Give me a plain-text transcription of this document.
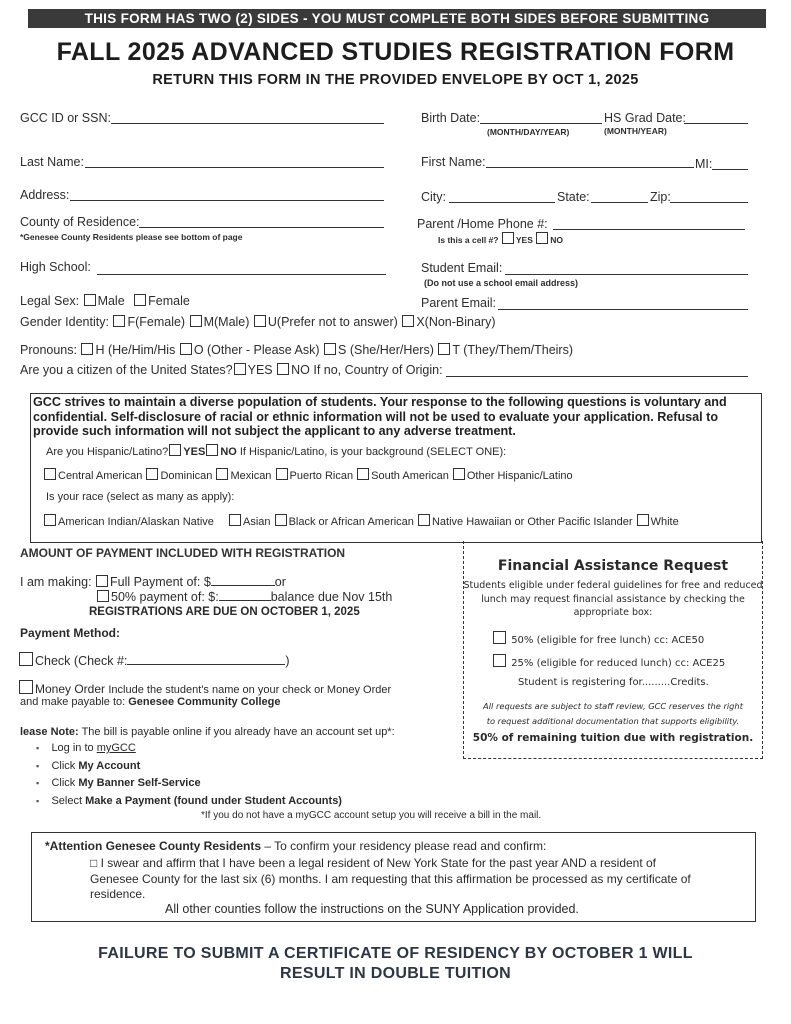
THIS FORM HAS TWO (2) SIDES - YOU MUST COMPLETE BOTH SIDES BEFORE SUBMITTING
FALL 2025 ADVANCED STUDIES REGISTRATION FORM
RETURN THIS FORM IN THE PROVIDED ENVELOPE BY OCT 1, 2025
GCC ID or SSN:	Birth Date:
(MONTH/DAY/YEAR)
HS Grad Date:
(MONTH/YEAR)
Last Name:	First Name:	MI:
Address:	City:	State:	Zip:
County of Residence:
*Genesee County Residents please see bottom of page
Parent /Home Phone #:
Is this a cell #? YES NO
High School:	Student Email:
(Do not use a school email address)
Legal Sex: Male Female	Parent Email:
Gender Identity: F(Female) M(Male) U(Prefer not to answer) X(Non-Binary)
Pronouns: H (He/Him/His O (Other - Please Ask) S (She/Her/Hers) T (They/Them/Theirs)
Are you a citizen of the United States? YES NO If no, Country of Origin:
GCC strives to maintain a diverse population of students. Your response to the following questions is voluntary and confidential. Self-disclosure of racial or ethnic information will not be used to evaluate your application. Refusal to provide such information will not subject the applicant to any adverse treatment.
Are you Hispanic/Latino? YES NO If Hispanic/Latino, is your background (SELECT ONE):
Central American Dominican Mexican Puerto Rican South American Other Hispanic/Latino
Is your race (select as many as apply):
American Indian/Alaskan Native	Asian Black or African American Native Hawaiian or Other Pacific Islander White
AMOUNT OF PAYMENT INCLUDED WITH REGISTRATION
I am making: Full Payment of: $	or
50% payment of: $:	balance due Nov 15th
REGISTRATIONS ARE DUE ON OCTOBER 1, 2025
Payment Method:
Check (Check #:	)
Money Order Include the student's name on your check or Money Order
and make payable to: Genesee Community College
lease Note: The bill is payable online if you already have an account set up*:
▪ Log in to myGCC
▪ Click My Account
▪ Click My Banner Self-Service
▪ Select Make a Payment (found under Student Accounts)
*If you do not have a myGCC account setup you will receive a bill in the mail.
Financial Assistance Request
Students eligible under federal guidelines for free and reduced
lunch may request financial assistance by checking the
appropriate box:
50% (eligible for free lunch) cc: ACE50
25% (eligible for reduced lunch) cc: ACE25
Student is registering for.........Credits.
All requests are subject to staff review, GCC reserves the right
to request additional documentation that supports eligibility.
50% of remaining tuition due with registration.
*Attention Genesee County Residents – To confirm your residency please read and confirm:
□ I swear and affirm that I have been a legal resident of New York State for the past year AND a resident of
Genesee County for the last six (6) months. I am requesting that this affirmation be processed as my certificate of
residence.
All other counties follow the instructions on the SUNY Application provided.
FAILURE TO SUBMIT A CERTIFICATE OF RESIDENCY BY OCTOBER 1 WILL
RESULT IN DOUBLE TUITION
